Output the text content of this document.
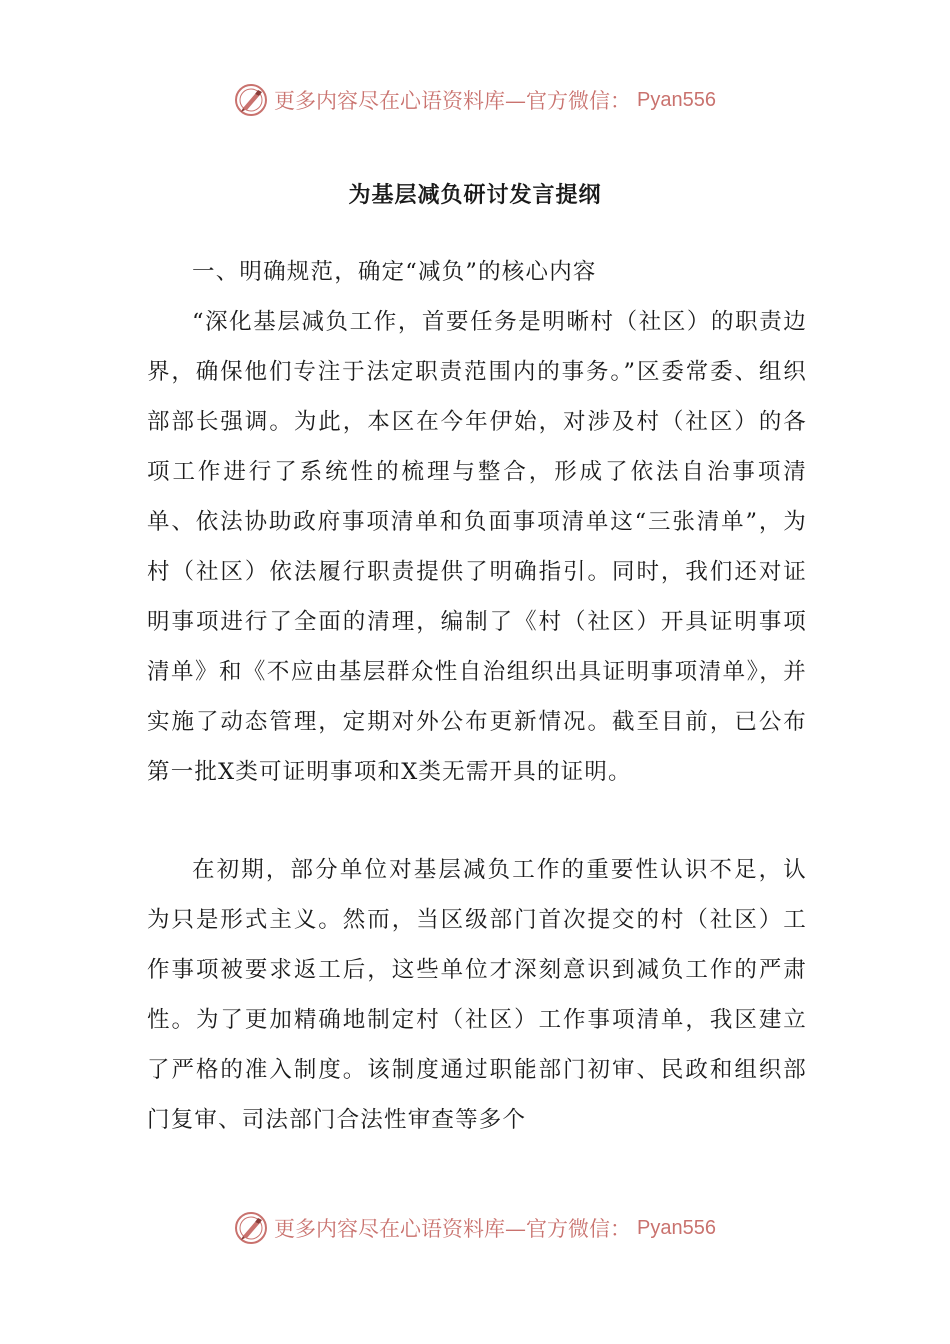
更多内容尽在心语资料库—官方微信： Pyan556
为基层减负研讨发言提纲

一、明确规范，确定“减负”的核心内容

“深化基层减负工作，首要任务是明晰村（社区）的职责边界，确保他们专注于法定职责范围内的事务。”区委常委、组织部部长强调。为此，本区在今年伊始，对涉及村（社区）的各项工作进行了系统性的梳理与整合，形成了依法自治事项清单、依法协助政府事项清单和负面事项清单这“三张清单”，为村（社区）依法履行职责提供了明确指引。同时，我们还对证明事项进行了全面的清理，编制了《村（社区）开具证明事项清单》和《不应由基层群众性自治组织出具证明事项清单》，并实施了动态管理，定期对外公布更新情况。截至目前，已公布第一批X类可证明事项和X类无需开具的证明。

在初期，部分单位对基层减负工作的重要性认识不足，认为只是形式主义。然而，当区级部门首次提交的村（社区）工作事项被要求返工后，这些单位才深刻意识到减负工作的严肃性。为了更加精确地制定村（社区）工作事项清单，我区建立了严格的准入制度。该制度通过职能部门初审、民政和组织部门复审、司法部门合法性审查等多个

更多内容尽在心语资料库—官方微信： Pyan556
